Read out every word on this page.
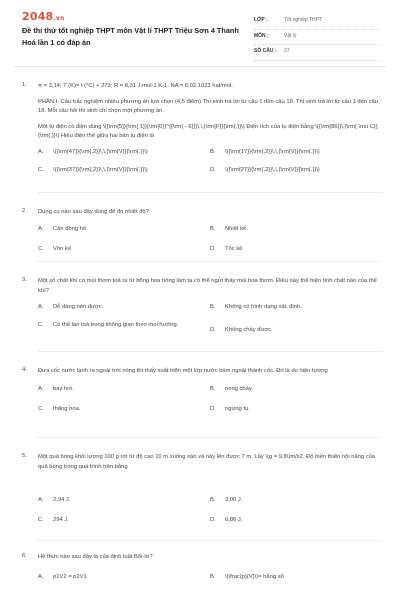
2048.vn
Đề thi thử tốt nghiệp THPT môn Vật lí THPT Triệu Sơn 4 Thanh Hoá lần 1 có đáp án
LỚP :	Tốt nghiệp THPT
MÔN :	Vật lý
SỐ CÂU : 27
1. π = 3,14; T (K)= t (°C) + 273; R = 8,31 J.mol-1.K-1; NA = 6,02.1023 hạt/mol.
PHẦN I. Câu trắc nghiệm nhiều phương án lựa chọn (4,5 điểm).Thí sinh trả lời từ câu 1 đến câu 18. Thí sinh trả lời từ câu 1 đến câu 18. Mỗi câu hỏi thí sinh chỉ chọn một phương án.
Một tụ điện có điện dung \({\rm{5}}{\rm{ 1}}{\rm{0}}^{{\rm{ - 6}}}\,\,{\rm{F}}{\rm{.}}\) Điện tích của tụ điện bằng \({\rm{86}}\,{\rm{ \mu C}}{\rm{.}}\) Hiệu điện thế giữa hai bản tụ điện là
A. \({\rm{47}}{\rm{,2}}\,\,{\rm{V}}{\rm{.}}\)	B. \({\rm{17}}{\rm{,2}}\,\,{\rm{V}}{\rm{.}}\)
C. \({\rm{37}}{\rm{,2}}\,\,{\rm{V}}{\rm{.}}\)	D. \({\rm{27}}{\rm{,2}}\,\,{\rm{V}}{\rm{.}}\)
2. Dụng cụ nào sau đây dùng để đo nhiệt độ?
A. Cân đồng hồ.	B. Nhiệt kế.
C. Vôn kế.	D. Tốc kế.
3. Một số chất khí có mùi thơm toả ra từ bông hoa hồng làm ta có thể ngửi thấy mùi hoa thơm. Điều này thể hiện tính chất nào của thể khí?
A. Dễ dàng nén được.	B. Không có hình dạng xác định.
C. Có thể lan toả trong không gian theo mọi hướng.
D. Không chảy được.
4. Đưa cốc nước lạnh ra ngoài trời nóng thì thấy xuất hiện một lớp nước bám ngoài thành cốc. Đó là do hiện tượng
A. bay hơi.	B. nóng chảy.
C. thăng hoa.	D. ngưng tụ.
5. Một quả bóng khối lượng 100 g rơi từ độ cao 10 m xuống sàn và nảy lên được 7 m. Lấy \(g = 9,8\)m/s2. Độ biến thiên nội năng của quả bóng trong quá trình trên bằng
A. 2,94 J.	B. 3,00 J.
C. 294 J.	D. 6,86 J.
6. Hệ thức nào sau đây là của định luật Bôi-lơ?
A. p1V2 = p2V1	B. \(\frac{p}{V}\)= hằng số
